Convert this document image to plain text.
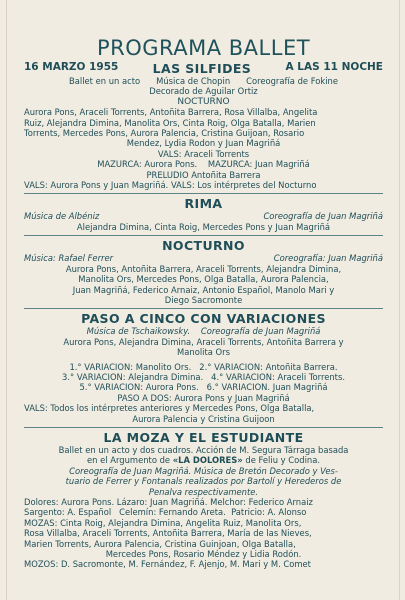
PROGRAMA BALLET
16 MARZO 1955	LAS SILFIDES	A LAS 11 NOCHE
Ballet en un acto      Música de Chopin      Coreografía de Fokine
Decorado de Aguilar Ortiz
NOCTURNO
Aurora Pons, Araceli Torrents, Antoñita Barrera, Rosa Villalba, Angelita
Ruiz, Alejandra Dimina, Manolita Ors, Cinta Roig, Olga Batalla, Marien
Torrents, Mercedes Pons, Aurora Palencia, Cristina Guijoan, Rosario
Mendez, Lydia Rodon y Juan Magriñá
VALS: Araceli Torrents
MAZURCA: Aurora Pons.    MAZURCA: Juan Magriñá
PRELUDIO Antoñita Barrera
VALS: Aurora Pons y Juan Magriñá. VALS: Los intérpretes del Nocturno
RIMA
Música de Albéniz	Coreografía de Juan Magriñá
Alejandra Dimina, Cinta Roig, Mercedes Pons y Juan Magriñá
NOCTURNO
Música: Rafael Ferrer	Coreografía: Juan Magriñá
Aurora Pons, Antoñita Barrera, Araceli Torrents, Alejandra Dimina,
Manolita Ors, Mercedes Pons, Olga Batalla, Aurora Palencia,
Juan Magriñá, Federico Arnaiz, Antonio Español, Manolo Mari y
Diego Sacromonte
PASO A CINCO CON VARIACIONES
Música de Tschaikowsky.    Coreografía de Juan Magriñá
Aurora Pons, Alejandra Dimina, Araceli Torrents, Antoñita Barrera y
Manolita Ors
1.° VARIACION: Manolito Ors.   2.° VARIACION: Antoñita Barrera.
3.° VARIACION: Alejandra Dimina.   4.° VARIACION: Araceli Torrents.
5.° VARIACION: Aurora Pons.   6.° VARIACION. Juan Magriñá
PASO A DOS: Aurora Pons y Juan Magriñá
VALS: Todos los intérpretes anteriores y Mercedes Pons, Olga Batalla,
Aurora Palencia y Cristina Guijoon
LA MOZA Y EL ESTUDIANTE
Ballet en un acto y dos cuadros. Acción de M. Segura Tárraga basada
en el Argumento de «LA DOLORES» de Feliu y Codina.
Coreografía de Juan Magriñá. Música de Bretón Decorado y Ves-
tuario de Ferrer y Fontanals realizados por Bartolí y Herederos de
Penalva respectivamente.
Dolores: Aurora Pons. Lázaro: Juan Magriñá. Melchor: Federico Arnaiz
Sargento: A. Español   Celemín: Fernando Areta.  Patricio: A. Alonso
MOZAS: Cinta Roig, Alejandra Dimina, Angelita Ruiz, Manolita Ors,
Rosa Villalba, Araceli Torrents, Antoñita Barrera, María de las Nieves,
Marien Torrents, Aurora Palencia, Cristina Guinjoan, Olga Batalla,
Mercedes Pons, Rosario Méndez y Lidia Rodón.
MOZOS: D. Sacromonte, M. Fernández, F. Ajenjo, M. Mari y M. Comet
